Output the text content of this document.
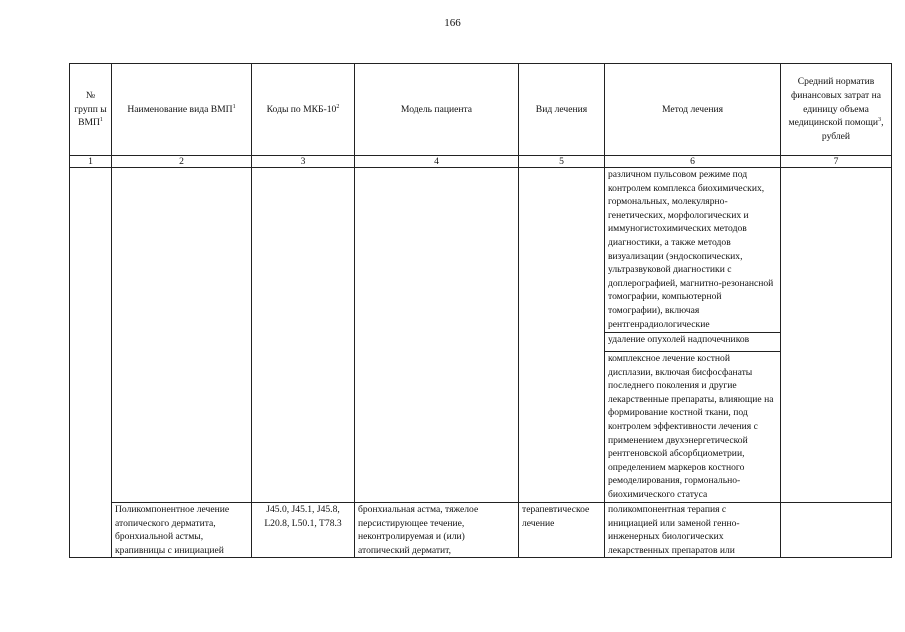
166
№ групп ы ВМП$^1$	Наименование вида ВМП$^1$	Коды по МКБ-$10^2$	Модель пациента	Вид лечения	Метод лечения	Средний норматив финансовых затрат на единицу объема медицинской помощи$^3$, рублей
1	2	3	4	5	6	7
					различном пульсовом режиме под контролем комплекса биохимических, гормональных, молекулярно-генетических, морфологических и иммуногистохимических методов диагностики, а также методов визуализации (эндоскопических, ультразвуковой диагностики с доплерографией, магнитно-резонансной томографии, компьютерной томографии), включая рентгенрадиологические	
					удаление опухолей надпочечников	
					комплексное лечение костной дисплазии, включая бисфосфанаты последнего поколения и другие лекарственные препараты, влияющие на формирование костной ткани, под контролем эффективности лечения с применением двухэнергетической рентгеновской абсорбциометрии, определением маркеров костного ремоделирования, гормонально-биохимического статуса	
	Поликомпонентное лечение атопического дерматита, бронхиальной астмы, крапивницы с инициацией	J45.0, J45.1, J45.8, L20.8, L50.1, T78.3	бронхиальная астма, тяжелое персистирующее течение, неконтролируемая и (или) атопический дерматит,	терапевтическое лечение	поликомпонентная терапия с инициацией или заменой генно-инженерных биологических лекарственных препаратов или	
